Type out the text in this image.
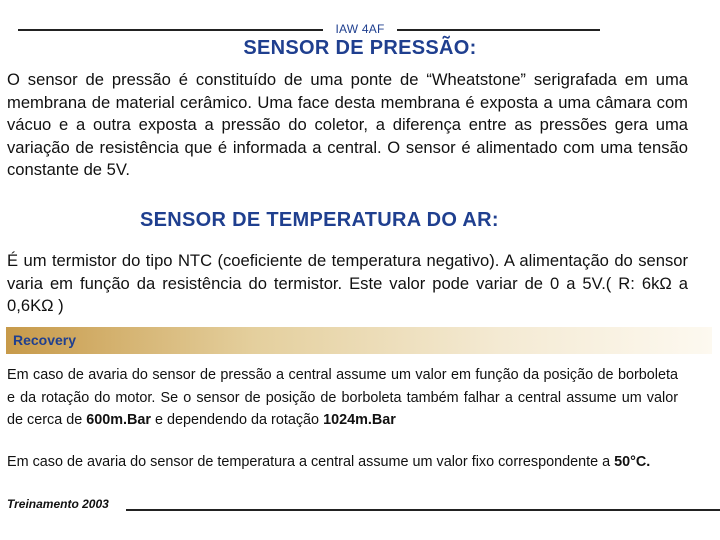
IAW 4AF
SENSOR DE PRESSÃO:
O sensor de pressão é constituído de uma ponte de “Wheatstone” serigrafada em uma membrana de material cerâmico. Uma face desta membrana é exposta a uma câmara com vácuo e a outra exposta a pressão do coletor, a diferença entre as pressões gera uma variação de resistência que é informada a central. O sensor é alimentado com uma tensão constante de 5V.
SENSOR DE TEMPERATURA DO AR:
É um termistor do tipo NTC (coeficiente de temperatura negativo). A alimentação do sensor varia em função da resistência do termistor. Este valor pode variar de 0 a 5V.( R: 6kΩ a 0,6KΩ )
Recovery
Em caso de avaria do sensor de pressão a central assume um valor em função da posição de borboleta e da rotação do motor. Se o sensor de posição de borboleta também falhar a central assume um valor de cerca de 600m.Bar e dependendo da rotação 1024m.Bar
Em caso de avaria do sensor de temperatura a central assume um valor fixo correspondente a 50°C.
Treinamento 2003
